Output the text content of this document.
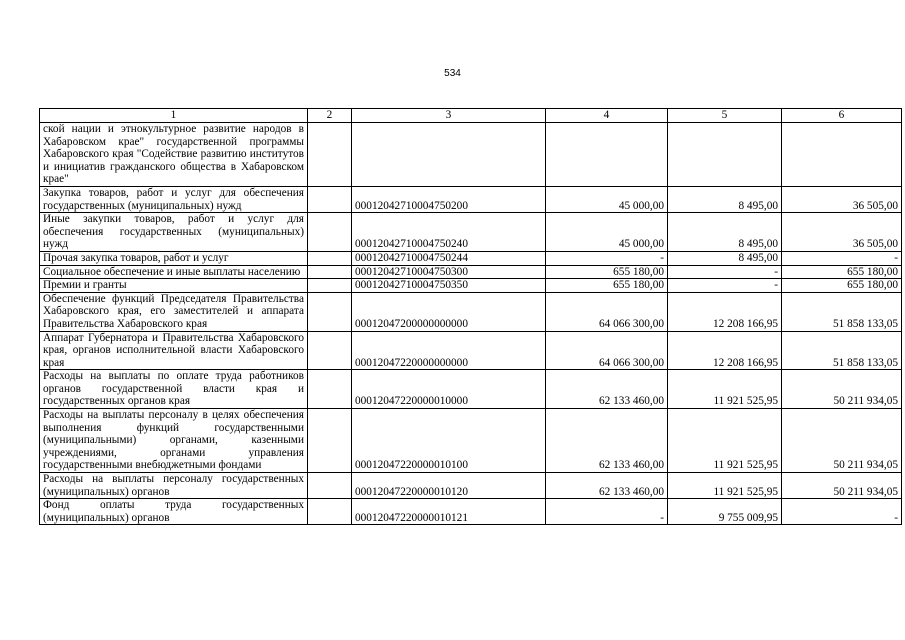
534
1	2	3	4	5	6
ской нации и этнокультурное развитие народов в Хабаровском крае" государственной программы Хабаровского края "Содействие развитию институтов и инициатив гражданского общества в Хабаровском крае"					
Закупка товаров, работ и услуг для обеспечения государственных (муниципальных) нужд		00012042710004750200	45 000,00	8 495,00	36 505,00
Иные закупки товаров, работ и услуг для обеспечения государственных (муниципальных) нужд		00012042710004750240	45 000,00	8 495,00	36 505,00
Прочая закупка товаров, работ и услуг		00012042710004750244	-	8 495,00	-
Социальное обеспечение и иные выплаты населению		00012042710004750300	655 180,00	-	655 180,00
Премии и гранты		00012042710004750350	655 180,00	-	655 180,00
Обеспечение функций Председателя Правительства Хабаровского края, его заместителей и аппарата Правительства Хабаровского края		00012047200000000000	64 066 300,00	12 208 166,95	51 858 133,05
Аппарат Губернатора и Правительства Хабаровского края, органов исполнительной власти Хабаровского края		00012047220000000000	64 066 300,00	12 208 166,95	51 858 133,05
Расходы на выплаты по оплате труда работников органов государственной власти края и государственных органов края		00012047220000010000	62 133 460,00	11 921 525,95	50 211 934,05
Расходы на выплаты персоналу в целях обеспечения выполнения функций государственными (муниципальными) органами, казенными учреждениями, органами управления государственными внебюджетными фондами		00012047220000010100	62 133 460,00	11 921 525,95	50 211 934,05
Расходы на выплаты персоналу государственных (муниципальных) органов		00012047220000010120	62 133 460,00	11 921 525,95	50 211 934,05
Фонд оплаты труда государственных (муниципальных) органов		00012047220000010121	-	9 755 009,95	-
